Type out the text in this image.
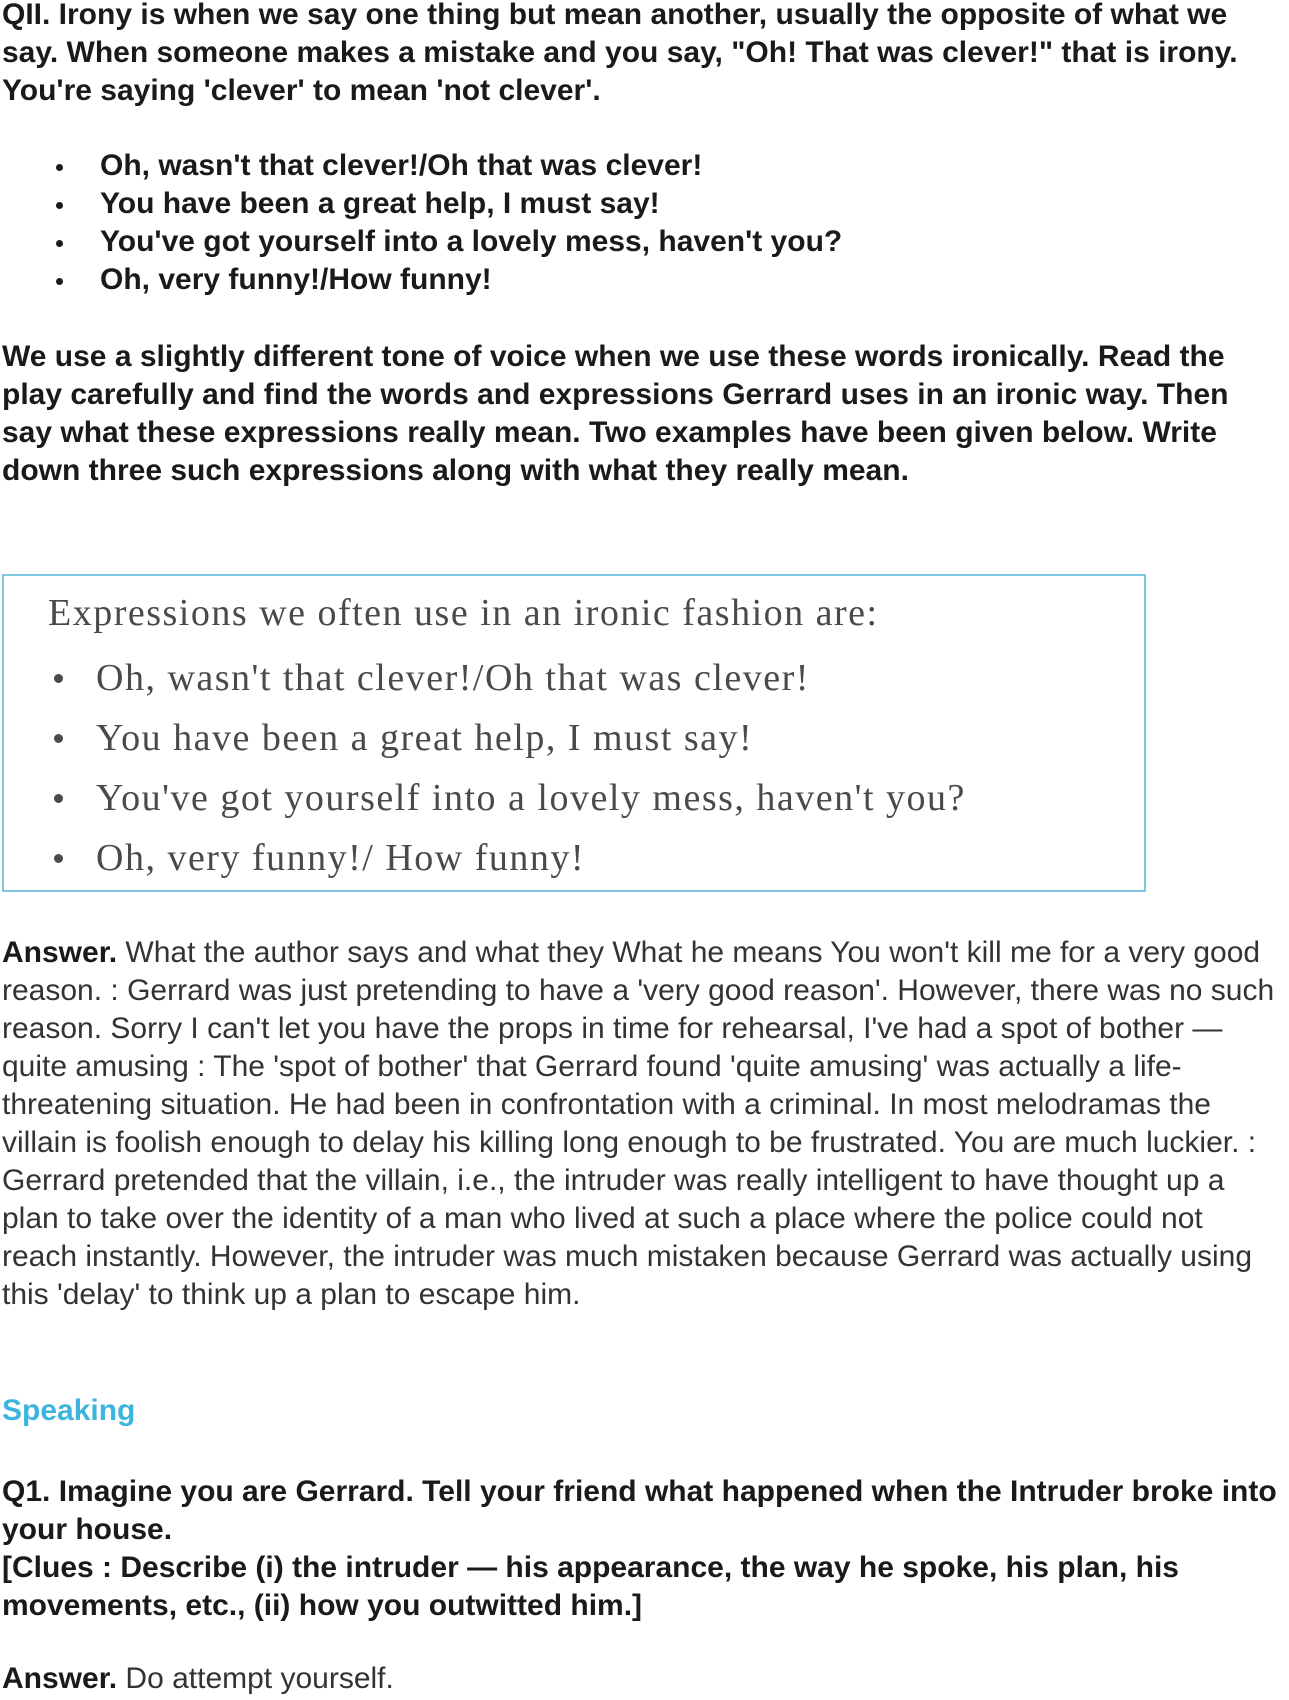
QII. Irony is when we say one thing but mean another, usually the opposite of what we say. When someone makes a mistake and you say, "Oh! That was clever!" that is irony. You're saying 'clever' to mean 'not clever'.

Oh, wasn't that clever!/Oh that was clever!
You have been a great help, I must say!
You've got yourself into a lovely mess, haven't you?
Oh, very funny!/How funny!

We use a slightly different tone of voice when we use these words ironically. Read the play carefully and find the words and expressions Gerrard uses in an ironic way. Then say what these expressions really mean. Two examples have been given below. Write down three such expressions along with what they really mean.

Expressions we often use in an ironic fashion are:

Oh, wasn't that clever!/Oh that was clever!
You have been a great help, I must say!
You've got yourself into a lovely mess, haven't you?
Oh, very funny!/ How funny!

Answer. What the author says and what they What he means You won't kill me for a very good reason. : Gerrard was just pretending to have a 'very good reason'. However, there was no such reason. Sorry I can't let you have the props in time for rehearsal, I've had a spot of bother — quite amusing : The 'spot of bother' that Gerrard found 'quite amusing' was actually a life-threatening situation. He had been in confrontation with a criminal. In most melodramas the villain is foolish enough to delay his killing long enough to be frustrated. You are much luckier. : Gerrard pretended that the villain, i.e., the intruder was really intelligent to have thought up a plan to take over the identity of a man who lived at such a place where the police could not reach instantly. However, the intruder was much mistaken because Gerrard was actually using this 'delay' to think up a plan to escape him.

Speaking

Q1. Imagine you are Gerrard. Tell your friend what happened when the Intruder broke into your house.
[Clues : Describe (i) the intruder — his appearance, the way he spoke, his plan, his movements, etc., (ii) how you outwitted him.]

Answer. Do attempt yourself.
